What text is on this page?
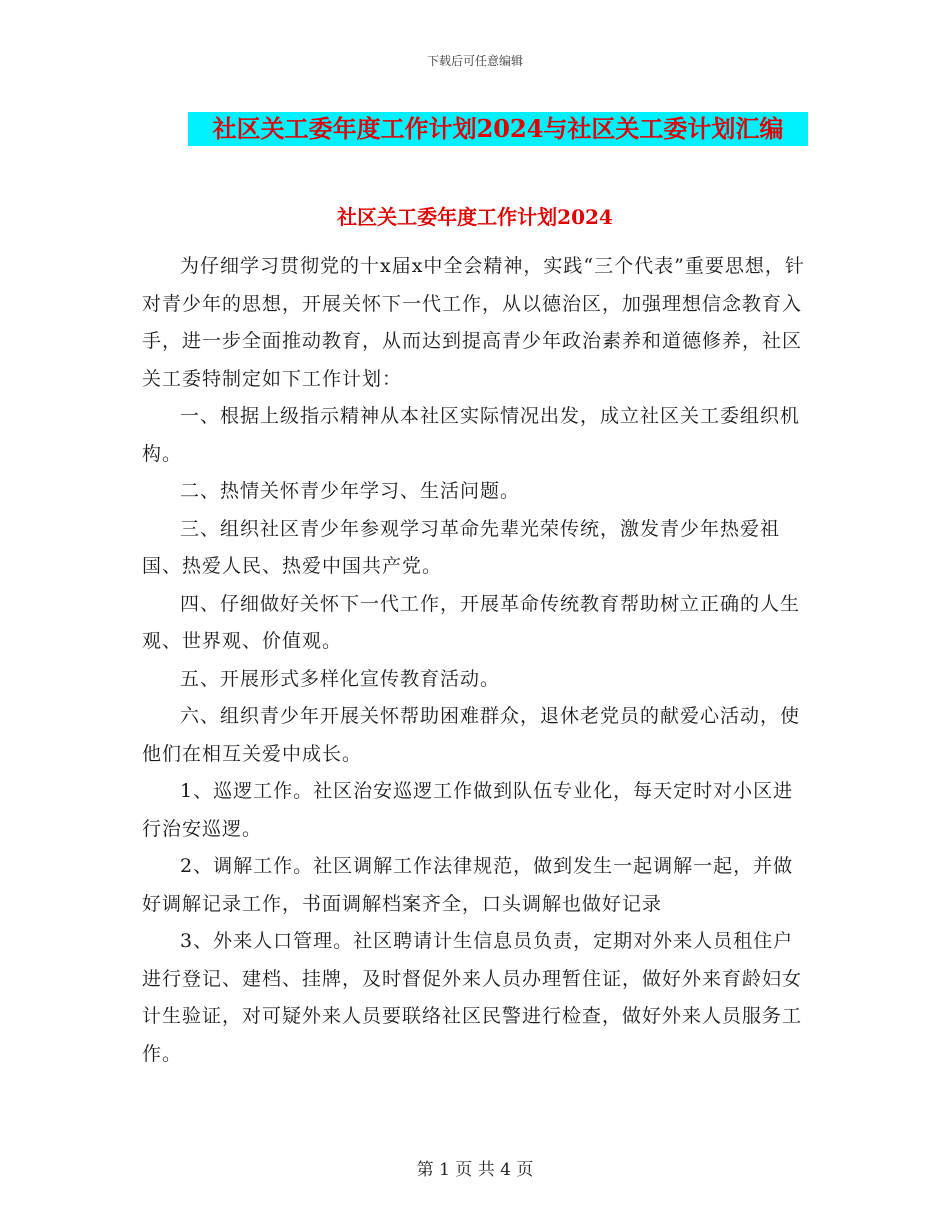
下载后可任意编辑
社区关工委年度工作计划2024与社区关工委计划汇编
社区关工委年度工作计划2024

为仔细学习贯彻党的十x届x中全会精神，实践“三个代表”重要思想，针对青少年的思想，开展关怀下一代工作，从以德治区，加强理想信念教育入手，进一步全面推动教育，从而达到提高青少年政治素养和道德修养，社区关工委特制定如下工作计划：

一、根据上级指示精神从本社区实际情况出发，成立社区关工委组织机构。

二、热情关怀青少年学习、生活问题。

三、组织社区青少年参观学习革命先辈光荣传统，激发青少年热爱祖国、热爱人民、热爱中国共产党。

四、仔细做好关怀下一代工作，开展革命传统教育帮助树立正确的人生观、世界观、价值观。

五、开展形式多样化宣传教育活动。

六、组织青少年开展关怀帮助困难群众，退休老党员的献爱心活动，使他们在相互关爱中成长。

1、巡逻工作。社区治安巡逻工作做到队伍专业化，每天定时对小区进行治安巡逻。

2、调解工作。社区调解工作法律规范，做到发生一起调解一起，并做好调解记录工作，书面调解档案齐全，口头调解也做好记录

3、外来人口管理。社区聘请计生信息员负责，定期对外来人员租住户进行登记、建档、挂牌，及时督促外来人员办理暂住证，做好外来育龄妇女计生验证，对可疑外来人员要联络社区民警进行检查，做好外来人员服务工作。

第 1 页 共 4 页
